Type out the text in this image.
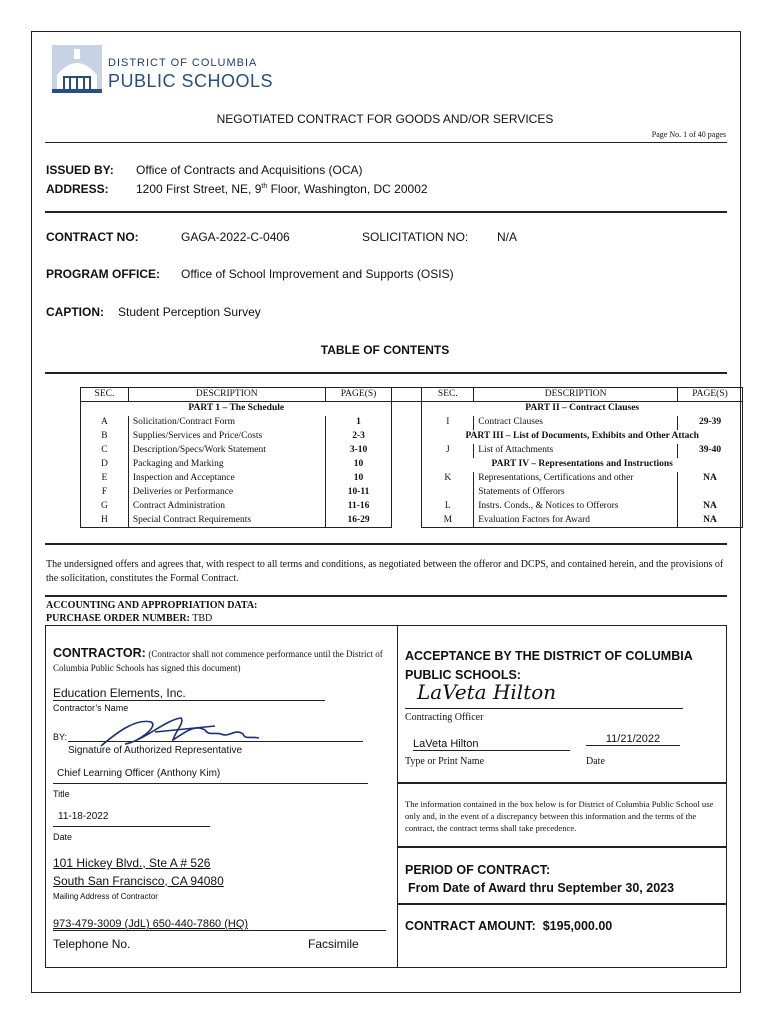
DISTRICT OF COLUMBIA
PUBLIC SCHOOLS
NEGOTIATED CONTRACT FOR GOODS AND/OR SERVICES
Page No. 1 of 40 pages
ISSUED BY: Office of Contracts and Acquisitions (OCA)
ADDRESS: 1200 First Street, NE, 9th Floor, Washington, DC 20002
CONTRACT NO:	GAGA-2022-C-0406	SOLICITATION NO: N/A
PROGRAM OFFICE: Office of School Improvement and Supports (OSIS)
CAPTION: Student Perception Survey
TABLE OF CONTENTS
SEC.	DESCRIPTION	PAGE(S)		SEC.	DESCRIPTION	PAGE(S)
PART 1 – The Schedule				PART II – Contract Clauses		
A	Solicitation/Contract Form	1		I	Contract Clauses	29-39
B	Supplies/Services and Price/Costs	2-3		PART III – List of Documents, Exhibits and Other Attach		
C	Description/Specs/Work Statement	3-10		J	List of Attachments	39-40
D	Packaging and Marking	10		PART IV – Representations and Instructions		
E	Inspection and Acceptance	10		K	Representations, Certifications and other	NA
F	Deliveries or Performance	10-11			Statements of Offerors	
G	Contract Administration	11-16		L	Instrs. Conds., & Notices to Offerors	NA
H	Special Contract Requirements	16-29		M	Evaluation Factors for Award	NA
The undersigned offers and agrees that, with respect to all terms and conditions, as negotiated between the offeror and DCPS, and contained herein, and the provisions of the solicitation, constitutes the Formal Contract.
ACCOUNTING AND APPROPRIATION DATA:
PURCHASE ORDER NUMBER: TBD
CONTRACTOR: (Contractor shall not commence performance until the District of Columbia Public Schools has signed this document)
Education Elements, Inc.
Contractor’s Name
BY:
Signature of Authorized Representative
Chief Learning Officer (Anthony Kim)
Title
11-18-2022
Date
101 Hickey Blvd., Ste A # 526
South San Francisco, CA 94080
Mailing Address of Contractor
973-479-3009 (JdL) 650-440-7860 (HQ)
Telephone No.	Facsimile
ACCEPTANCE BY THE DISTRICT OF COLUMBIA PUBLIC SCHOOLS:
LaVeta Hilton
Contracting Officer
LaVeta Hilton	11/21/2022
Type or Print Name	Date
The information contained in the box below is for District of Columbia Public School use only and, in the event of a discrepancy between this information and the terms of the contract, the contract terms shall take precedence.
PERIOD OF CONTRACT:
From Date of Award thru September 30, 2023
CONTRACT AMOUNT: $195,000.00
